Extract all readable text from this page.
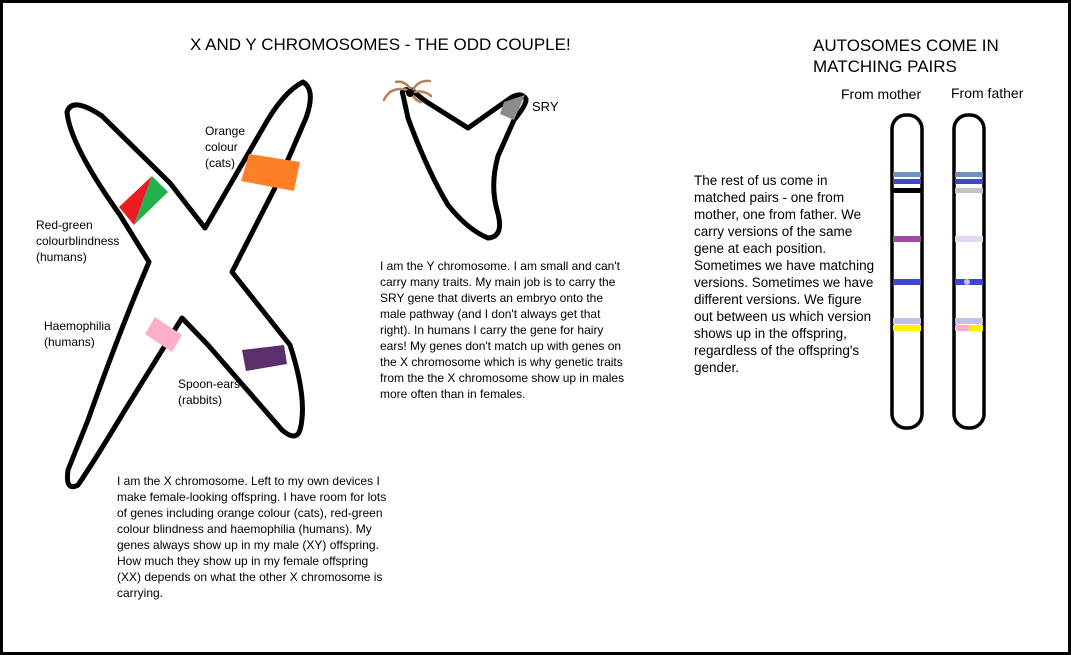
X AND Y CHROMOSOMES - THE ODD COUPLE!
Orange
colour
(cats)
Red-green
colourblindness
(humans)
Haemophilia
(humans)
Spoon-ears
(rabbits)
I am the X chromosome. Left to my own devices I make female-looking offspring. I have room for lots of genes including orange colour (cats), red-green colour blindness and haemophilia (humans). My genes always show up in my male (XY) offspring. How much they show up in my female offspring (XX) depends on what the other X chromosome is carrying.
SRY
I am the Y chromosome. I am small and can't carry many traits. My main job is to carry the SRY gene that diverts an embryo onto the male pathway (and I don't always get that right). In humans I carry the gene for hairy ears! My genes don't match up with genes on the X chromosome which is why genetic traits from the the X chromosome show up in males more often than in females.
AUTOSOMES COME IN
MATCHING PAIRS
From mother From father
The rest of us come in matched pairs - one from mother, one from father. We carry versions of the same gene at each position. Sometimes we have matching versions. Sometimes we have different versions. We figure out between us which version shows up in the offspring, regardless of the offspring's gender.
